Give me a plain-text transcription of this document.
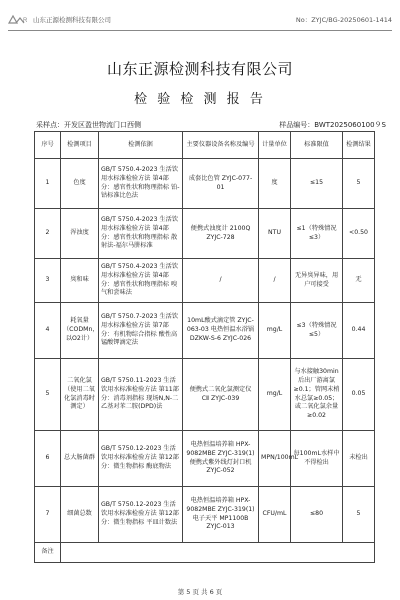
R 山东正源检测科技有限公司	No：ZYJC/BG-20250601-1414
山东正源检测科技有限公司
检 验 检 测 报 告
采样点：开发区盈世物流门口西侧	样品编号：BWT2025060100９S
序号	检测项目	检测依据	主要仪器设备名称及编号	计量单位	标准限值	检测结果
1	色度	GB/T 5750.4-2023 生活饮用水标准检验方法 第4部分：感官性状和物理指标 铂-钴标准比色法	成套比色管 ZYJC-077-01	度	≤15	5
2	浑浊度	GB/T 5750.4-2023 生活饮用水标准检验方法 第4部分：感官性状和物理指标 散射法-福尔马肼标准	便携式浊度计 2100Q ZYJC-728	NTU	≤1（特殊情况≤3）	<0.50
3	臭和味	GB/T 5750.4-2023 生活饮用水标准检验方法 第4部分：感官性状和物理指标 嗅气和尝味法	/	/	无异臭异味，用户可接受	无
4	耗氧量（CODMn，以O2计）	GB/T 5750.7-2023 生活饮用水标准检验方法 第7部分：有机物综合指标 酸性高锰酸钾滴定法	10mL酸式滴定管 ZYJC-063-03 电热恒温水浴锅 DZKW-S-6 ZYJC-026	mg/L	≤3（特殊情况≤5）	0.44
5	二氧化氯（使用二氧化氯消毒时测定）	GB/T 5750.11-2023 生活饮用水标准检验方法 第11部分：消毒剂指标 现场N,N-二乙基对苯二胺(DPD)法	便携式二氧化氯测定仪 CⅡ ZYJC-039	mg/L	与水接触30min后出厂游离氯≥0.1；管网末梢水总氯≥0.05；或二氧化氯余量≥0.02	0.05
6	总大肠菌群	GB/T 5750.12-2023 生活饮用水标准检验方法 第12部分：微生物指标 酶底物法	电热恒温培养箱 HPX-9082MBE ZYJC-319(1) 便携式紫外线灯封口机 ZYJC-052	MPN/100mL	每100mL水样中不得检出	未检出
7	细菌总数	GB/T 5750.12-2023 生活饮用水标准检验方法 第12部分：微生物指标 平皿计数法	电热恒温培养箱 HPX-9082MBE ZYJC-319(1) 电子天平 MP1100B ZYJC-013	CFU/mL	≤80	5
备注						
第 5 页 共 6 页
